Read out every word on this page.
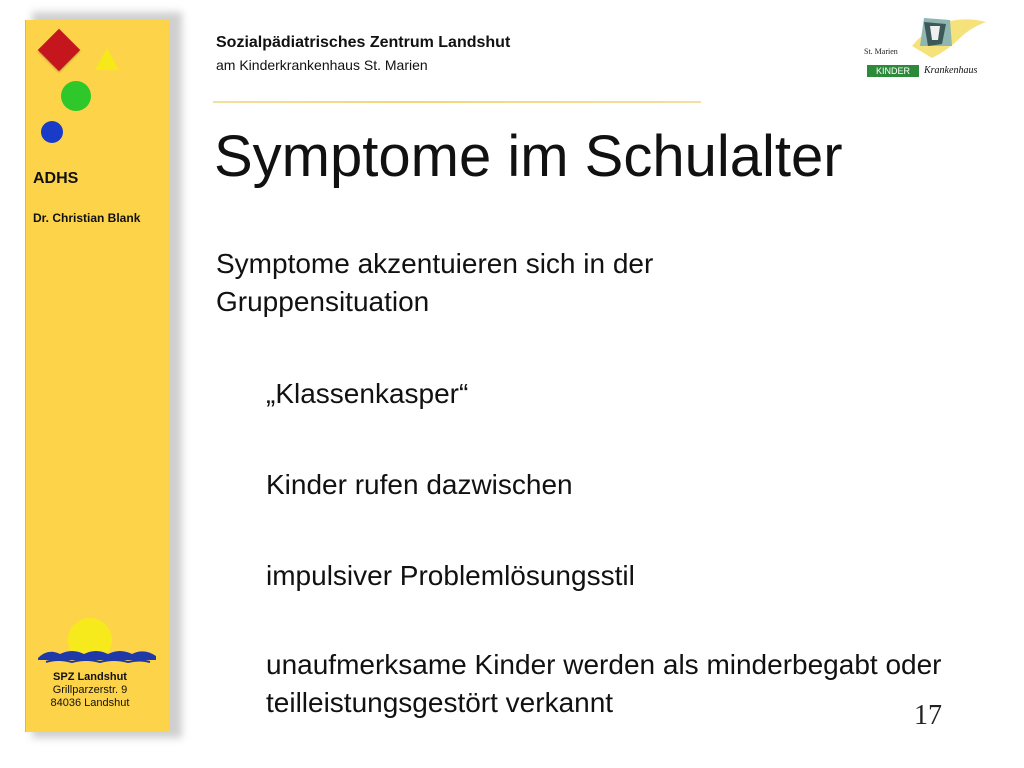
ADHS
Dr. Christian Blank
SPZ Landshut
Grillparzerstr. 9
84036 Landshut
Sozialpädiatrisches Zentrum Landshut
am Kinderkrankenhaus St. Marien
St. Marien
KINDER	Krankenhaus
Symptome im Schulalter
Symptome akzentuieren sich in der Gruppensituation
„Klassenkasper“
Kinder rufen dazwischen
impulsiver Problemlösungsstil
unaufmerksame Kinder werden als minderbegabt oder teilleistungsgestört verkannt	17
